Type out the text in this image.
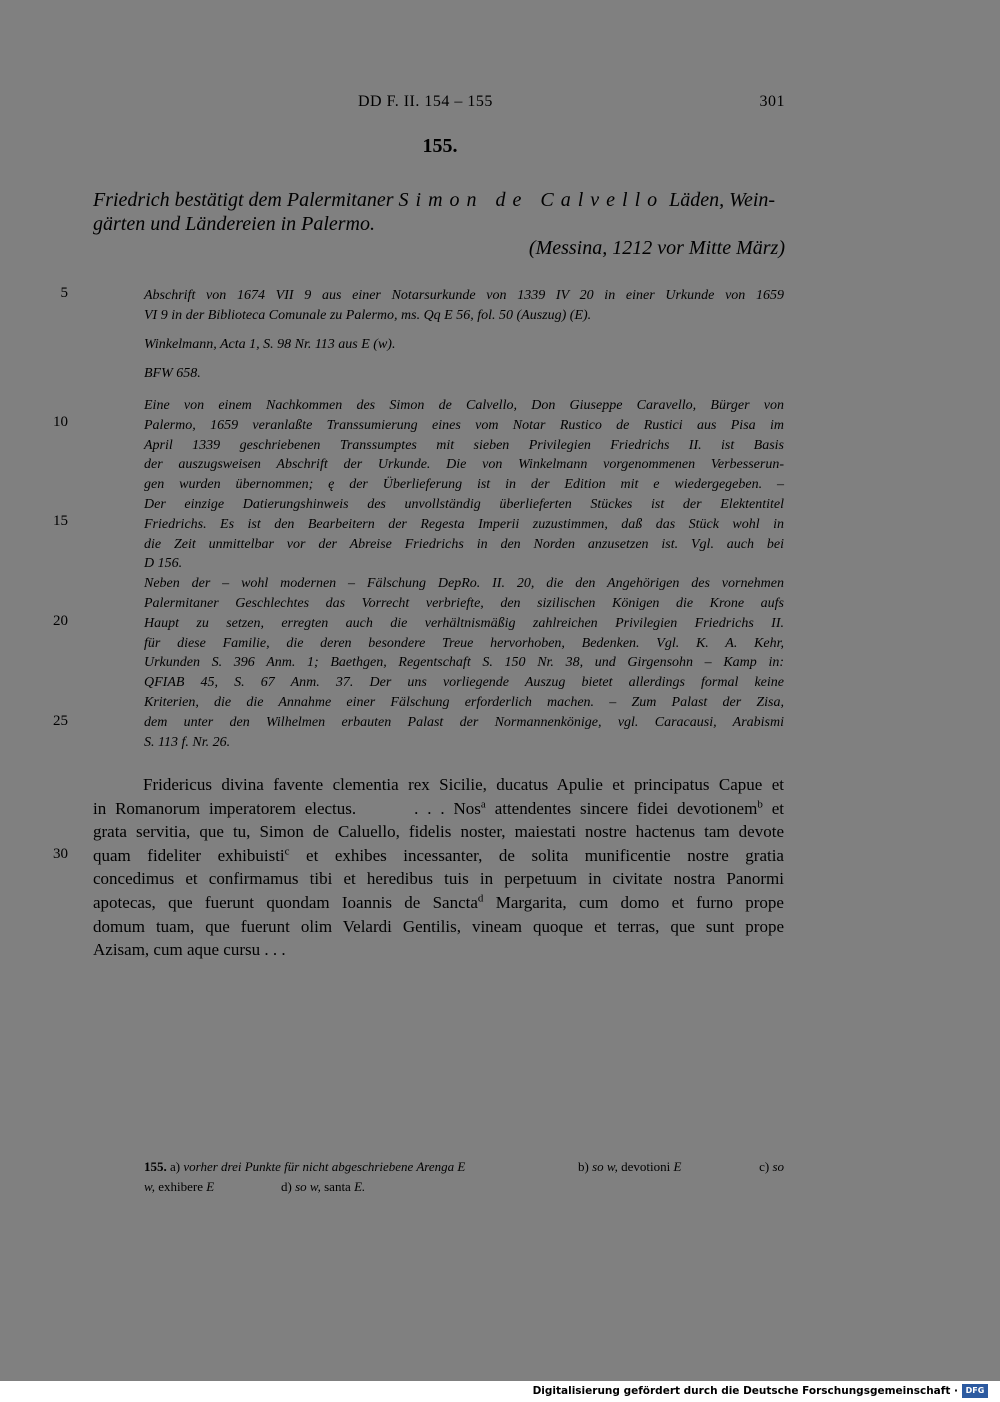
DD F. II. 154 – 155	301
155.
Friedrich bestätigt dem Palermitaner Simon de Calvello Läden, Wein-
gärten und Ländereien in Palermo.
(Messina, 1212 vor Mitte März)
5
10
15
20
25
30
Abschrift von 1674 VII 9 aus einer Notarsurkunde von 1339 IV 20 in einer Urkunde von 1659
VI 9 in der Biblioteca Comunale zu Palermo, ms. Qq E 56, fol. 50 (Auszug) (E).
Winkelmann, Acta 1, S. 98 Nr. 113 aus E (w).
BFW 658.
Eine von einem Nachkommen des Simon de Calvello, Don Giuseppe Caravello, Bürger von
Palermo, 1659 veranlaßte Transsumierung eines vom Notar Rustico de Rustici aus Pisa im
April 1339 geschriebenen Transsumptes mit sieben Privilegien Friedrichs II. ist Basis
der auszugsweisen Abschrift der Urkunde. Die von Winkelmann vorgenommenen Verbesserun-
gen wurden übernommen; ę der Überlieferung ist in der Edition mit e wiedergegeben. –
Der einzige Datierungshinweis des unvollständig überlieferten Stückes ist der Elektentitel
Friedrichs. Es ist den Bearbeitern der Regesta Imperii zuzustimmen, daß das Stück wohl in
die Zeit unmittelbar vor der Abreise Friedrichs in den Norden anzusetzen ist. Vgl. auch bei
D 156.
Neben der – wohl modernen – Fälschung DepRo. II. 20, die den Angehörigen des vornehmen
Palermitaner Geschlechtes das Vorrecht verbriefte, den sizilischen Königen die Krone aufs
Haupt zu setzen, erregten auch die verhältnismäßig zahlreichen Privilegien Friedrichs II.
für diese Familie, die deren besondere Treue hervorhoben, Bedenken. Vgl. K. A. Kehr,
Urkunden S. 396 Anm. 1; Baethgen, Regentschaft S. 150 Nr. 38, und Girgensohn – Kamp in:
QFIAB 45, S. 67 Anm. 37. Der uns vorliegende Auszug bietet allerdings formal keine
Kriterien, die die Annahme einer Fälschung erforderlich machen. – Zum Palast der Zisa,
dem unter den Wilhelmen erbauten Palast der Normannenkönige, vgl. Caracausi, Arabismi
S. 113 f. Nr. 26.
Fridericus divina favente clementia rex Sicilie, ducatus Apulie et principatus Capue et
in Romanorum imperatorem electus.	. . . Nos$^a$ attendentes sincere fidei devotionem$^b$ et
grata servitia, que tu, Simon de Caluello, fidelis noster, maiestati nostre hactenus tam devote
quam fideliter exhibuisti$^c$ et exhibes incessanter, de solita munificentie nostre gratia
concedimus et confirmamus tibi et heredibus tuis in perpetuum in civitate nostra Panormi
apotecas, que fuerunt quondam Ioannis de Sancta$^d$ Margarita, cum domo et furno prope
domum tuam, que fuerunt olim Velardi Gentilis, vineam quoque et terras, que sunt prope
Azisam, cum aque cursu . . .
155. a) vorher drei Punkte für nicht abgeschriebene Arenga E	b) so w, devotioni E	c) so
w, exhibere E	d) so w, santa E.
Digitalisierung gefördert durch die Deutsche Forschungsgemeinschaft · DFG
